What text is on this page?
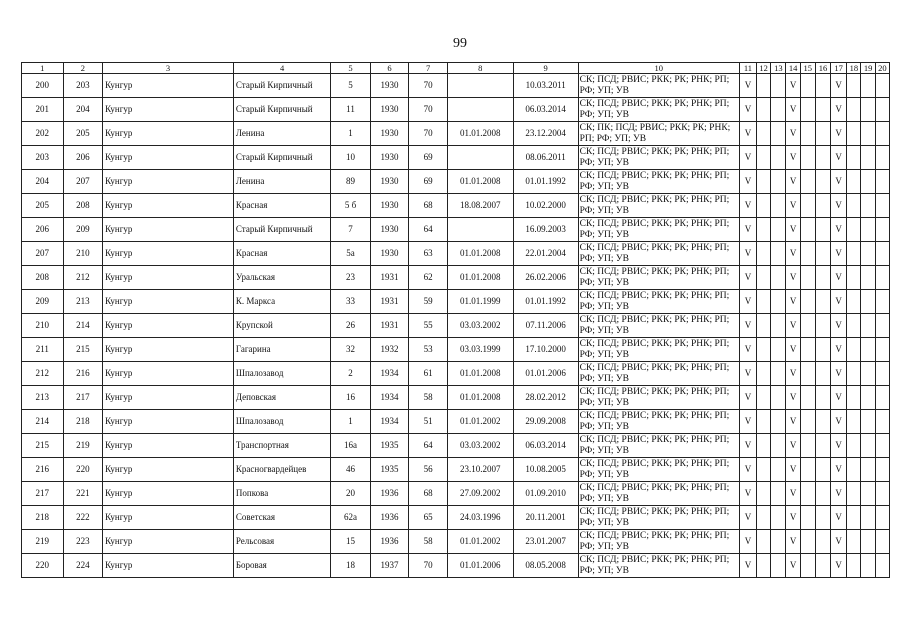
99
1	2	3	4	5	6	7	8	9	10	11	12	13	14	15	16	17	18	19	20
200	203	Кунгур	Старый Кирпичный	5	1930	70		10.03.2011	СК; ПСД; РВИС; РКК; РК; РНК; РП; РФ; УП; УВ	V			V			V			
201	204	Кунгур	Старый Кирпичный	11	1930	70		06.03.2014	СК; ПСД; РВИС; РКК; РК; РНК; РП; РФ; УП; УВ	V			V			V			
202	205	Кунгур	Ленина	1	1930	70	01.01.2008	23.12.2004	СК; ПК; ПСД; РВИС; РКК; РК; РНК; РП; РФ; УП; УВ	V			V			V			
203	206	Кунгур	Старый Кирпичный	10	1930	69		08.06.2011	СК; ПСД; РВИС; РКК; РК; РНК; РП; РФ; УП; УВ	V			V			V			
204	207	Кунгур	Ленина	89	1930	69	01.01.2008	01.01.1992	СК; ПСД; РВИС; РКК; РК; РНК; РП; РФ; УП; УВ	V			V			V			
205	208	Кунгур	Красная	5 б	1930	68	18.08.2007	10.02.2000	СК; ПСД; РВИС; РКК; РК; РНК; РП; РФ; УП; УВ	V			V			V			
206	209	Кунгур	Старый Кирпичный	7	1930	64		16.09.2003	СК; ПСД; РВИС; РКК; РК; РНК; РП; РФ; УП; УВ	V			V			V			
207	210	Кунгур	Красная	5а	1930	63	01.01.2008	22.01.2004	СК; ПСД; РВИС; РКК; РК; РНК; РП; РФ; УП; УВ	V			V			V			
208	212	Кунгур	Уральская	23	1931	62	01.01.2008	26.02.2006	СК; ПСД; РВИС; РКК; РК; РНК; РП; РФ; УП; УВ	V			V			V			
209	213	Кунгур	К. Маркса	33	1931	59	01.01.1999	01.01.1992	СК; ПСД; РВИС; РКК; РК; РНК; РП; РФ; УП; УВ	V			V			V			
210	214	Кунгур	Крупской	26	1931	55	03.03.2002	07.11.2006	СК; ПСД; РВИС; РКК; РК; РНК; РП; РФ; УП; УВ	V			V			V			
211	215	Кунгур	Гагарина	32	1932	53	03.03.1999	17.10.2000	СК; ПСД; РВИС; РКК; РК; РНК; РП; РФ; УП; УВ	V			V			V			
212	216	Кунгур	Шпалозавод	2	1934	61	01.01.2008	01.01.2006	СК; ПСД; РВИС; РКК; РК; РНК; РП; РФ; УП; УВ	V			V			V			
213	217	Кунгур	Деповская	16	1934	58	01.01.2008	28.02.2012	СК; ПСД; РВИС; РКК; РК; РНК; РП; РФ; УП; УВ	V			V			V			
214	218	Кунгур	Шпалозавод	1	1934	51	01.01.2002	29.09.2008	СК; ПСД; РВИС; РКК; РК; РНК; РП; РФ; УП; УВ	V			V			V			
215	219	Кунгур	Транспортная	16а	1935	64	03.03.2002	06.03.2014	СК; ПСД; РВИС; РКК; РК; РНК; РП; РФ; УП; УВ	V			V			V			
216	220	Кунгур	Красногвардейцев	46	1935	56	23.10.2007	10.08.2005	СК; ПСД; РВИС; РКК; РК; РНК; РП; РФ; УП; УВ	V			V			V			
217	221	Кунгур	Попкова	20	1936	68	27.09.2002	01.09.2010	СК; ПСД; РВИС; РКК; РК; РНК; РП; РФ; УП; УВ	V			V			V			
218	222	Кунгур	Советская	62а	1936	65	24.03.1996	20.11.2001	СК; ПСД; РВИС; РКК; РК; РНК; РП; РФ; УП; УВ	V			V			V			
219	223	Кунгур	Рельсовая	15	1936	58	01.01.2002	23.01.2007	СК; ПСД; РВИС; РКК; РК; РНК; РП; РФ; УП; УВ	V			V			V			
220	224	Кунгур	Боровая	18	1937	70	01.01.2006	08.05.2008	СК; ПСД; РВИС; РКК; РК; РНК; РП; РФ; УП; УВ	V			V			V			
